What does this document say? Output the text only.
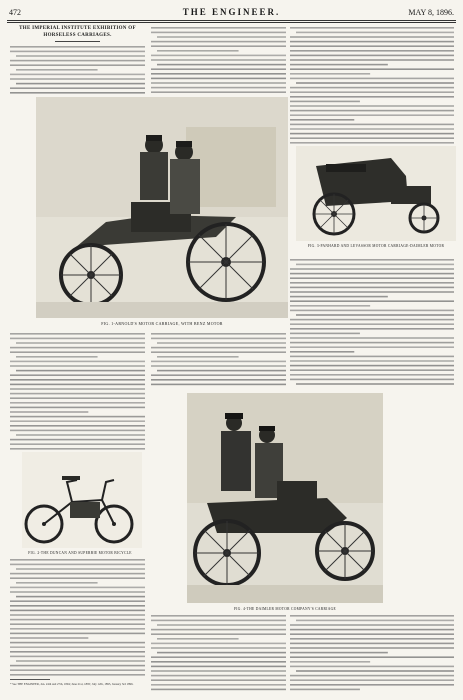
472	THE ENGINEER.	MAY 8, 1896.
THE IMPERIAL INSTITUTE EXHIBITION OF HORSELESS CARRIAGES.
FIG. 1-ARNOLD'S MOTOR CARRIAGE, WITH BENZ MOTOR
FIG. 3-PANHARD AND LEVASSOR MOTOR CARRIAGE-DAIMLER MOTOR
FIG. 2-THE DUNCAN AND SUPERBIE MOTOR BICYCLE
FIG. 4-THE DAIMLER MOTOR COMPANY'S CARRIAGE
* See THE ENGINEER, Jan. 24th and 27th, 1894; June 21st, 1895; July 12th, 1895, January 3rd 1896.
